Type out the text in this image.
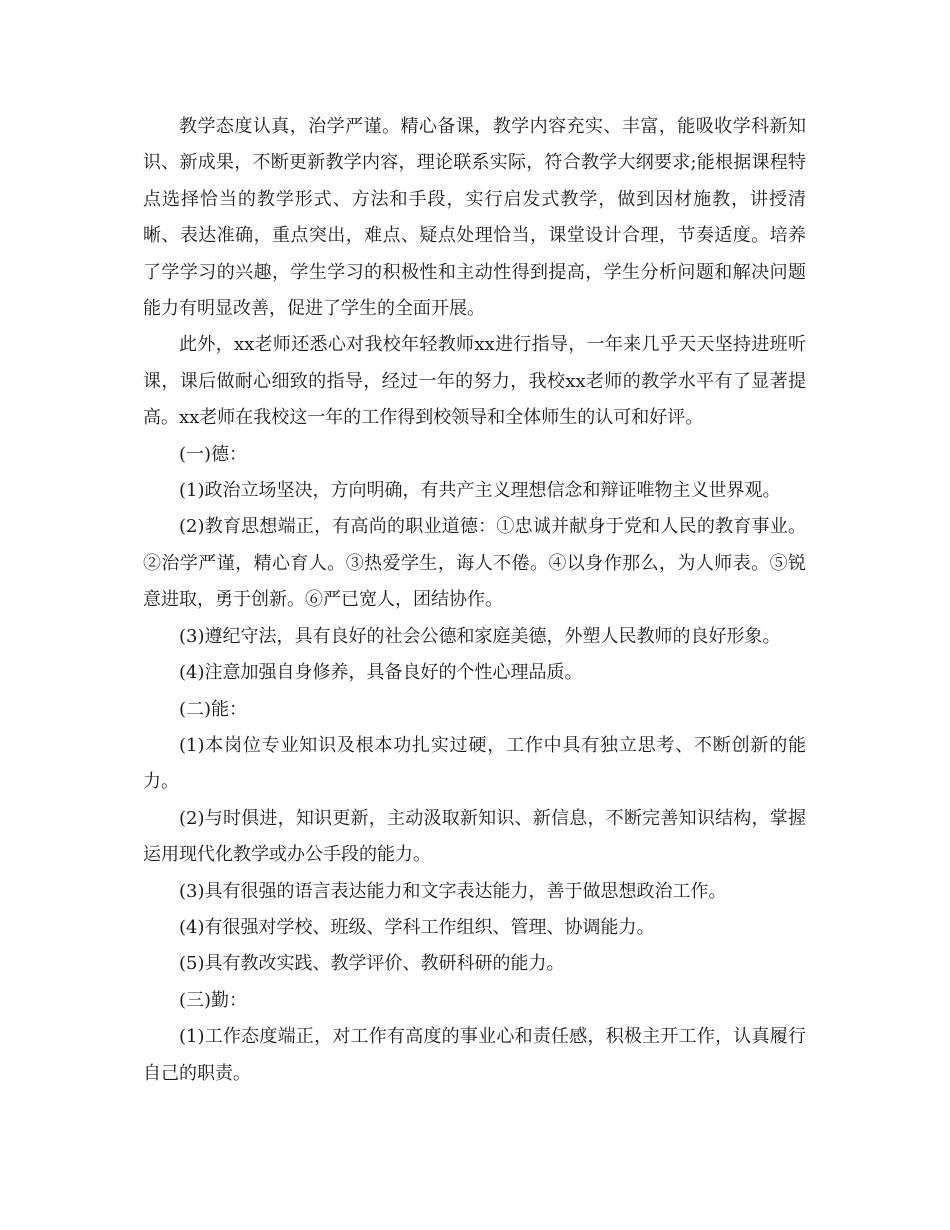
教学态度认真，治学严谨。精心备课，教学内容充实、丰富，能吸收学科新知识、新成果，不断更新教学内容，理论联系实际，符合教学大纲要求;能根据课程特点选择恰当的教学形式、方法和手段，实行启发式教学，做到因材施教，讲授清晰、表达准确，重点突出，难点、疑点处理恰当，课堂设计合理，节奏适度。培养了学学习的兴趣，学生学习的积极性和主动性得到提高，学生分析问题和解决问题能力有明显改善，促进了学生的全面开展。

此外，xx老师还悉心对我校年轻教师xx进行指导，一年来几乎天天坚持进班听课，课后做耐心细致的指导，经过一年的努力，我校xx老师的教学水平有了显著提高。xx老师在我校这一年的工作得到校领导和全体师生的认可和好评。

(一)德：

(1)政治立场坚决，方向明确，有共产主义理想信念和辩证唯物主义世界观。

(2)教育思想端正，有高尚的职业道德：①忠诚并献身于党和人民的教育事业。②治学严谨，精心育人。③热爱学生，诲人不倦。④以身作那么，为人师表。⑤锐意进取，勇于创新。⑥严已宽人，团结协作。

(3)遵纪守法，具有良好的社会公德和家庭美德，外塑人民教师的良好形象。

(4)注意加强自身修养，具备良好的个性心理品质。

(二)能：

(1)本岗位专业知识及根本功扎实过硬，工作中具有独立思考、不断创新的能力。

(2)与时俱进，知识更新，主动汲取新知识、新信息，不断完善知识结构，掌握运用现代化教学或办公手段的能力。

(3)具有很强的语言表达能力和文字表达能力，善于做思想政治工作。

(4)有很强对学校、班级、学科工作组织、管理、协调能力。

(5)具有教改实践、教学评价、教研科研的能力。

(三)勤：

(1)工作态度端正，对工作有高度的事业心和责任感，积极主开工作，认真履行自己的职责。
